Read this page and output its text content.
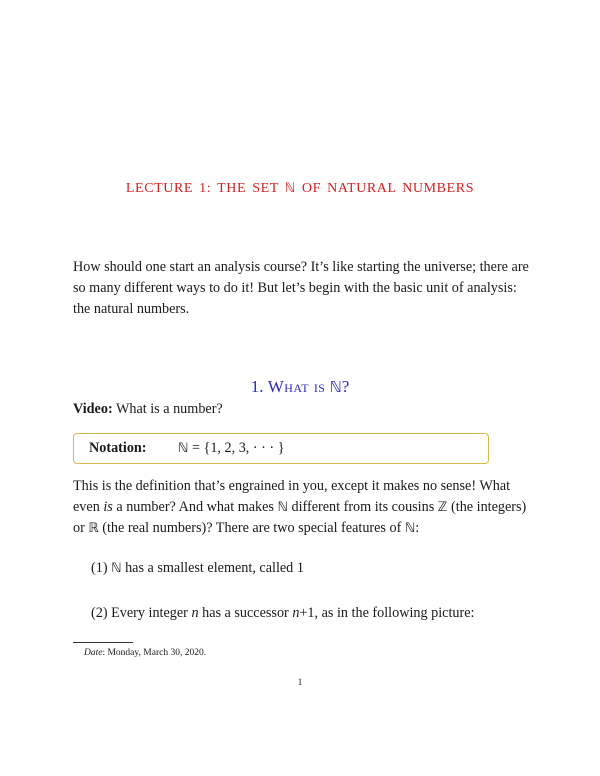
LECTURE 1: THE SET ℕ OF NATURAL NUMBERS
How should one start an analysis course? It’s like starting the universe; there are so many different ways to do it! But let’s begin with the basic unit of analysis: the natural numbers.
1. What is ℕ?
Video: What is a number?
Notation: ℕ = {1, 2, 3, · · · }
This is the definition that’s engrained in you, except it makes no sense! What even is a number? And what makes ℕ different from its cousins ℤ (the integers) or ℝ (the real numbers)? There are two special features of ℕ:
(1) ℕ has a smallest element, called 1
(2) Every integer n has a successor n+1, as in the following picture:
Date: Monday, March 30, 2020.
1
